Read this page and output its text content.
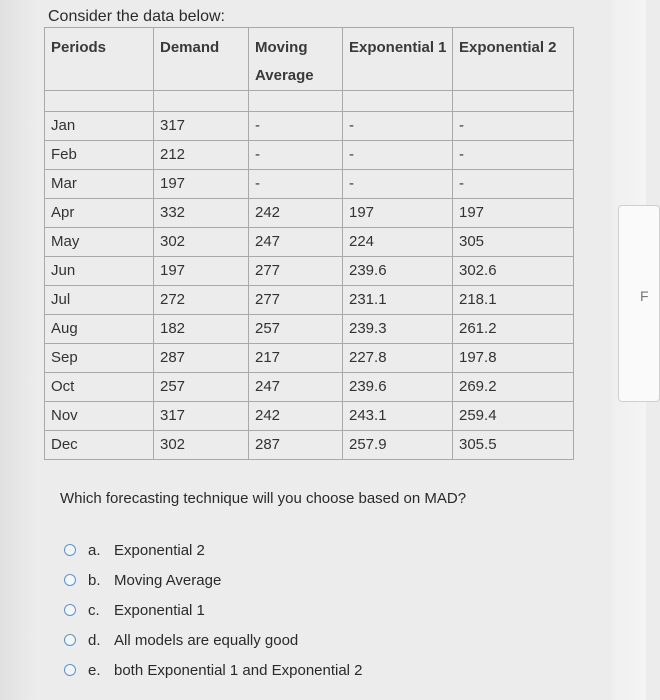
F
Consider the data below:
Periods	Demand	Moving Average	Exponential 1	Exponential 2

Jan	317	-	-	-
Feb	212	-	-	-
Mar	197	-	-	-
Apr	332	242	197	197
May	302	247	224	305
Jun	197	277	239.6	302.6
Jul	272	277	231.1	218.1
Aug	182	257	239.3	261.2
Sep	287	217	227.8	197.8
Oct	257	247	239.6	269.2
Nov	317	242	243.1	259.4
Dec	302	287	257.9	305.5
Which forecasting technique will you choose based on MAD?
a. Exponential 2
b. Moving Average
c. Exponential 1
d. All models are equally good
e. both Exponential 1 and Exponential 2
